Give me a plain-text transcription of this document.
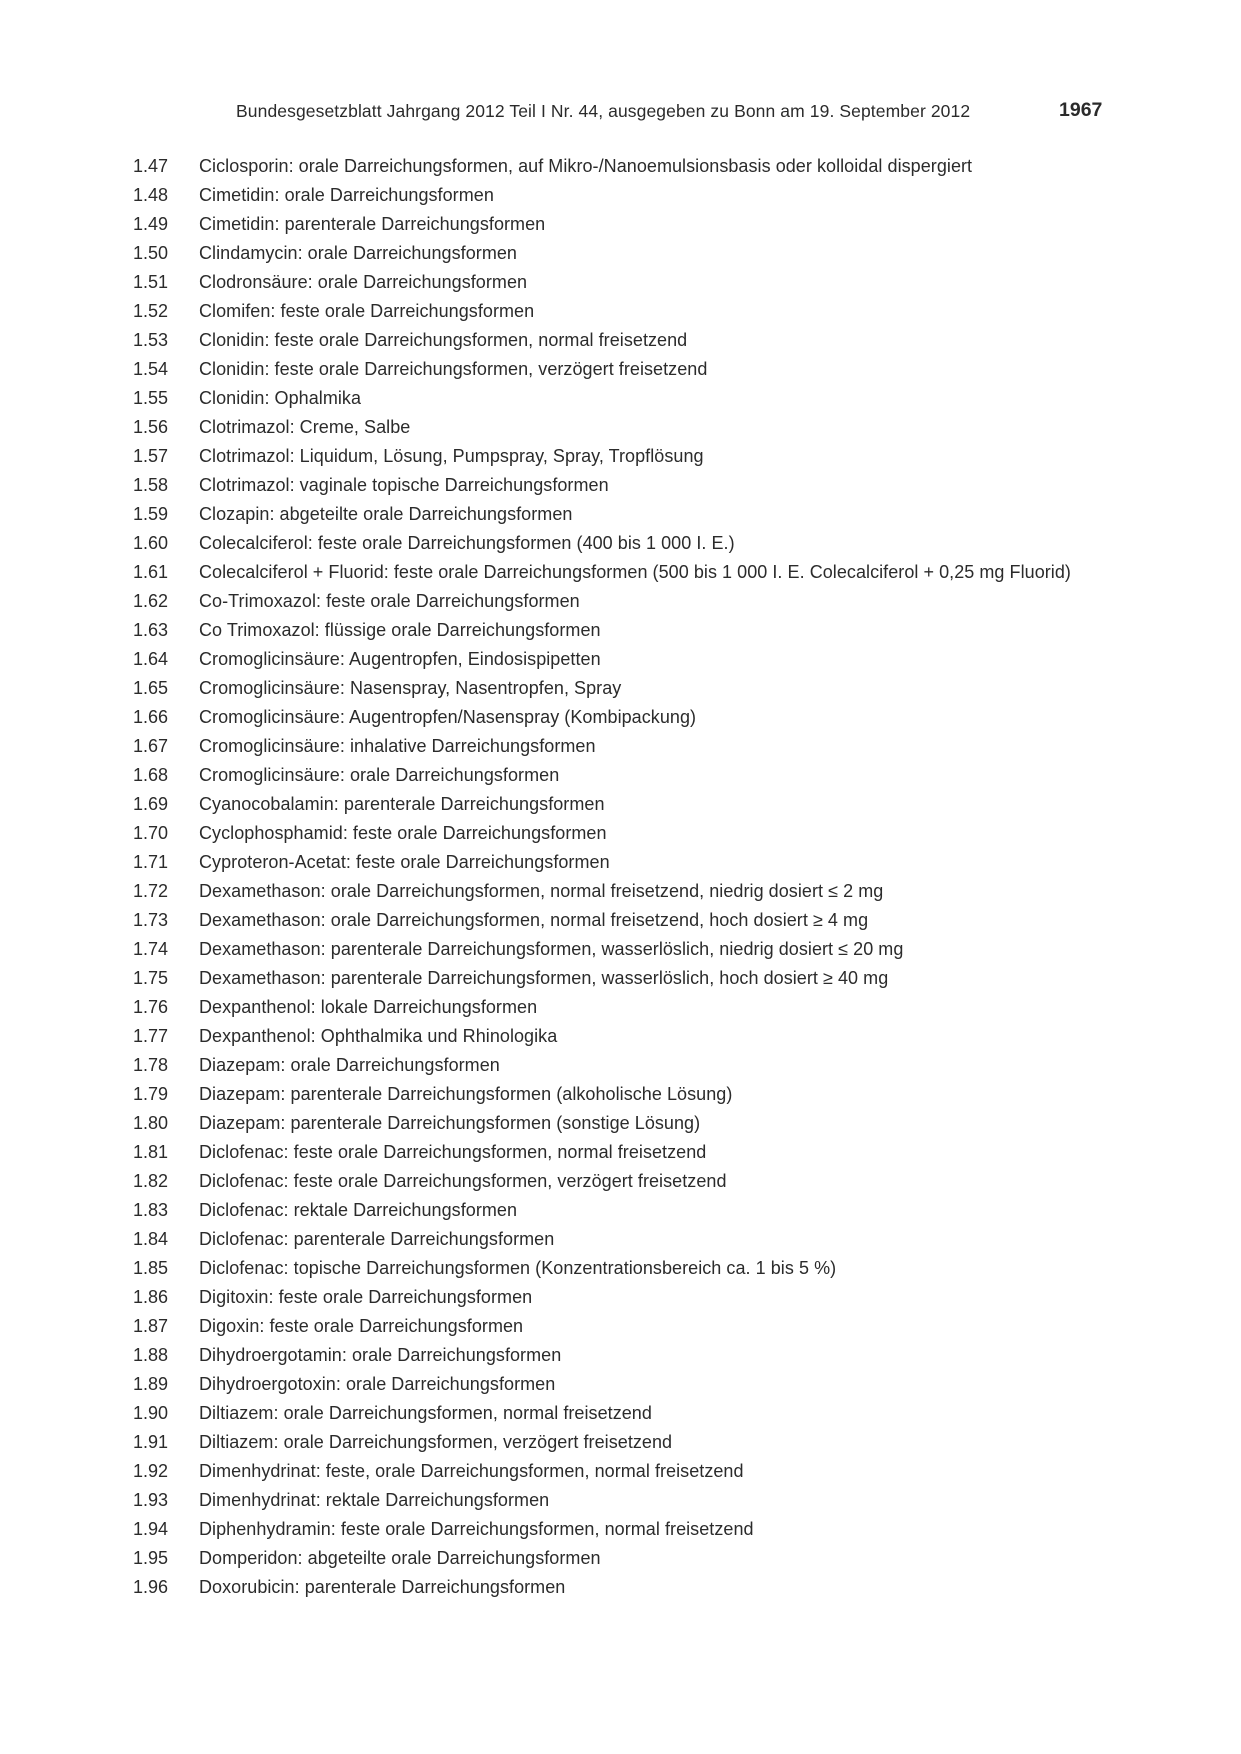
Bundesgesetzblatt Jahrgang 2012 Teil I Nr. 44, ausgegeben zu Bonn am 19. September 2012	1967
1.47	Ciclosporin: orale Darreichungsformen, auf Mikro-/Nanoemulsionsbasis oder kolloidal dispergiert
1.48	Cimetidin: orale Darreichungsformen
1.49	Cimetidin: parenterale Darreichungsformen
1.50	Clindamycin: orale Darreichungsformen
1.51	Clodronsäure: orale Darreichungsformen
1.52	Clomifen: feste orale Darreichungsformen
1.53	Clonidin: feste orale Darreichungsformen, normal freisetzend
1.54	Clonidin: feste orale Darreichungsformen, verzögert freisetzend
1.55	Clonidin: Ophalmika
1.56	Clotrimazol: Creme, Salbe
1.57	Clotrimazol: Liquidum, Lösung, Pumpspray, Spray, Tropflösung
1.58	Clotrimazol: vaginale topische Darreichungsformen
1.59	Clozapin: abgeteilte orale Darreichungsformen
1.60	Colecalciferol: feste orale Darreichungsformen (400 bis 1 000 I. E.)
1.61	Colecalciferol + Fluorid: feste orale Darreichungsformen (500 bis 1 000 I. E. Colecalciferol + 0,25 mg Fluorid)
1.62	Co-Trimoxazol: feste orale Darreichungsformen
1.63	Co Trimoxazol: flüssige orale Darreichungsformen
1.64	Cromoglicinsäure: Augentropfen, Eindosispipetten
1.65	Cromoglicinsäure: Nasenspray, Nasentropfen, Spray
1.66	Cromoglicinsäure: Augentropfen/Nasenspray (Kombipackung)
1.67	Cromoglicinsäure: inhalative Darreichungsformen
1.68	Cromoglicinsäure: orale Darreichungsformen
1.69	Cyanocobalamin: parenterale Darreichungsformen
1.70	Cyclophosphamid: feste orale Darreichungsformen
1.71	Cyproteron-Acetat: feste orale Darreichungsformen
1.72	Dexamethason: orale Darreichungsformen, normal freisetzend, niedrig dosiert ≤ 2 mg
1.73	Dexamethason: orale Darreichungsformen, normal freisetzend, hoch dosiert ≥ 4 mg
1.74	Dexamethason: parenterale Darreichungsformen, wasserlöslich, niedrig dosiert ≤ 20 mg
1.75	Dexamethason: parenterale Darreichungsformen, wasserlöslich, hoch dosiert ≥ 40 mg
1.76	Dexpanthenol: lokale Darreichungsformen
1.77	Dexpanthenol: Ophthalmika und Rhinologika
1.78	Diazepam: orale Darreichungsformen
1.79	Diazepam: parenterale Darreichungsformen (alkoholische Lösung)
1.80	Diazepam: parenterale Darreichungsformen (sonstige Lösung)
1.81	Diclofenac: feste orale Darreichungsformen, normal freisetzend
1.82	Diclofenac: feste orale Darreichungsformen, verzögert freisetzend
1.83	Diclofenac: rektale Darreichungsformen
1.84	Diclofenac: parenterale Darreichungsformen
1.85	Diclofenac: topische Darreichungsformen (Konzentrationsbereich ca. 1 bis 5 %)
1.86	Digitoxin: feste orale Darreichungsformen
1.87	Digoxin: feste orale Darreichungsformen
1.88	Dihydroergotamin: orale Darreichungsformen
1.89	Dihydroergotoxin: orale Darreichungsformen
1.90	Diltiazem: orale Darreichungsformen, normal freisetzend
1.91	Diltiazem: orale Darreichungsformen, verzögert freisetzend
1.92	Dimenhydrinat: feste, orale Darreichungsformen, normal freisetzend
1.93	Dimenhydrinat: rektale Darreichungsformen
1.94	Diphenhydramin: feste orale Darreichungsformen, normal freisetzend
1.95	Domperidon: abgeteilte orale Darreichungsformen
1.96	Doxorubicin: parenterale Darreichungsformen
